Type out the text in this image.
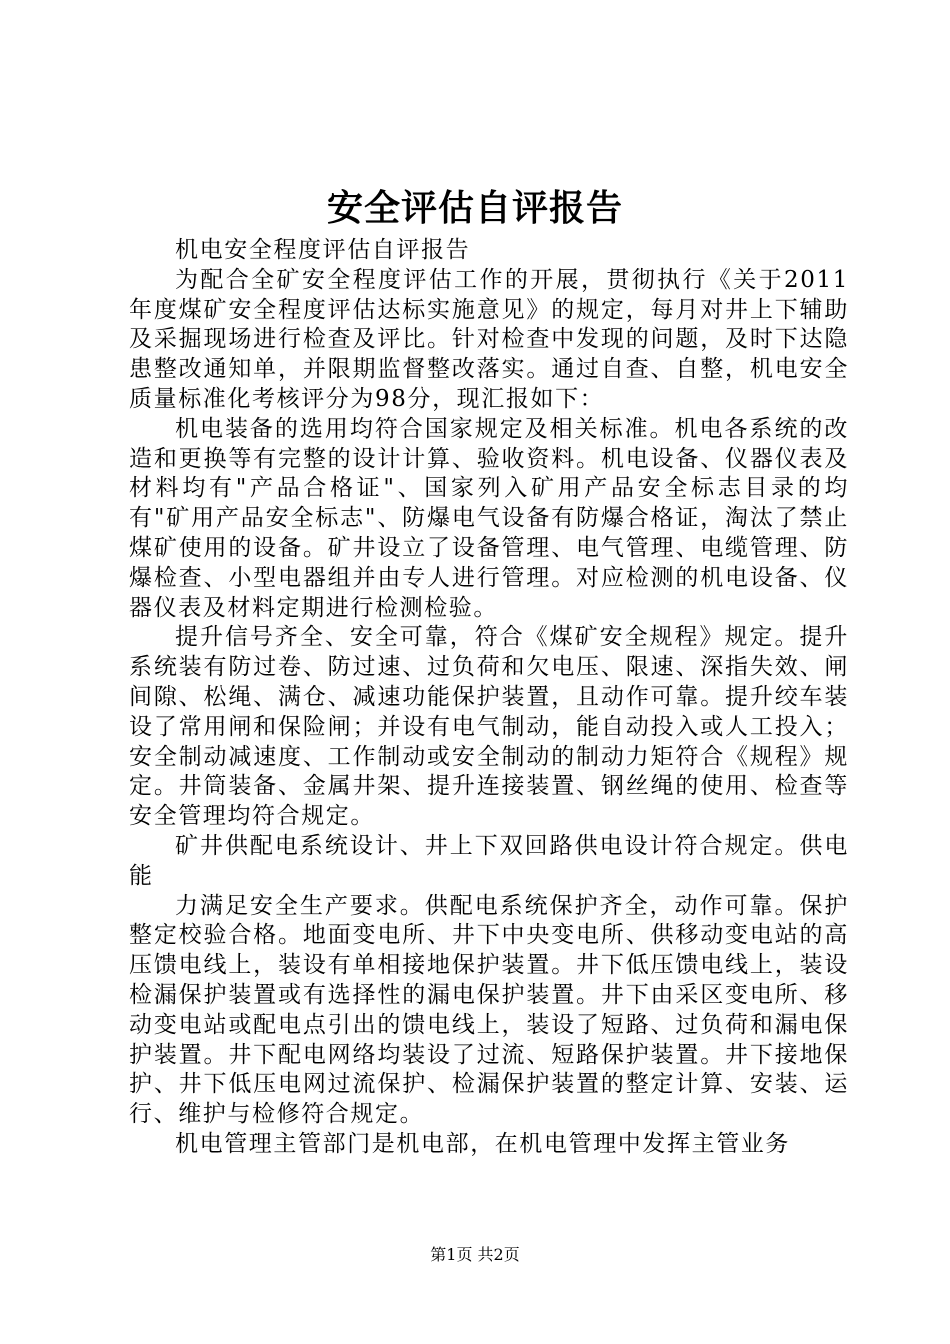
安全评估自评报告

机电安全程度评估自评报告

为配合全矿安全程度评估工作的开展，贯彻执行《关于2011年度煤矿安全程度评估达标实施意见》的规定，每月对井上下辅助及采掘现场进行检查及评比。针对检查中发现的问题，及时下达隐患整改通知单，并限期监督整改落实。通过自查、自整，机电安全质量标准化考核评分为98分，现汇报如下：

机电装备的选用均符合国家规定及相关标准。机电各系统的改造和更换等有完整的设计计算、验收资料。机电设备、仪器仪表及材料均有"产品合格证"、国家列入矿用产品安全标志目录的均有"矿用产品安全标志"、防爆电气设备有防爆合格证，淘汰了禁止煤矿使用的设备。矿井设立了设备管理、电气管理、电缆管理、防爆检查、小型电器组并由专人进行管理。对应检测的机电设备、仪器仪表及材料定期进行检测检验。

提升信号齐全、安全可靠，符合《煤矿安全规程》规定。提升系统装有防过卷、防过速、过负荷和欠电压、限速、深指失效、闸间隙、松绳、满仓、减速功能保护装置，且动作可靠。提升绞车装设了常用闸和保险闸；并设有电气制动，能自动投入或人工投入；安全制动减速度、工作制动或安全制动的制动力矩符合《规程》规定。井筒装备、金属井架、提升连接装置、钢丝绳的使用、检查等安全管理均符合规定。

矿井供配电系统设计、井上下双回路供电设计符合规定。供电能

力满足安全生产要求。供配电系统保护齐全，动作可靠。保护整定校验合格。地面变电所、井下中央变电所、供移动变电站的高压馈电线上，装设有单相接地保护装置。井下低压馈电线上，装设检漏保护装置或有选择性的漏电保护装置。井下由采区变电所、移动变电站或配电点引出的馈电线上，装设了短路、过负荷和漏电保护装置。井下配电网络均装设了过流、短路保护装置。井下接地保护、井下低压电网过流保护、检漏保护装置的整定计算、安装、运行、维护与检修符合规定。

机电管理主管部门是机电部，在机电管理中发挥主管业务

第1页 共2页
